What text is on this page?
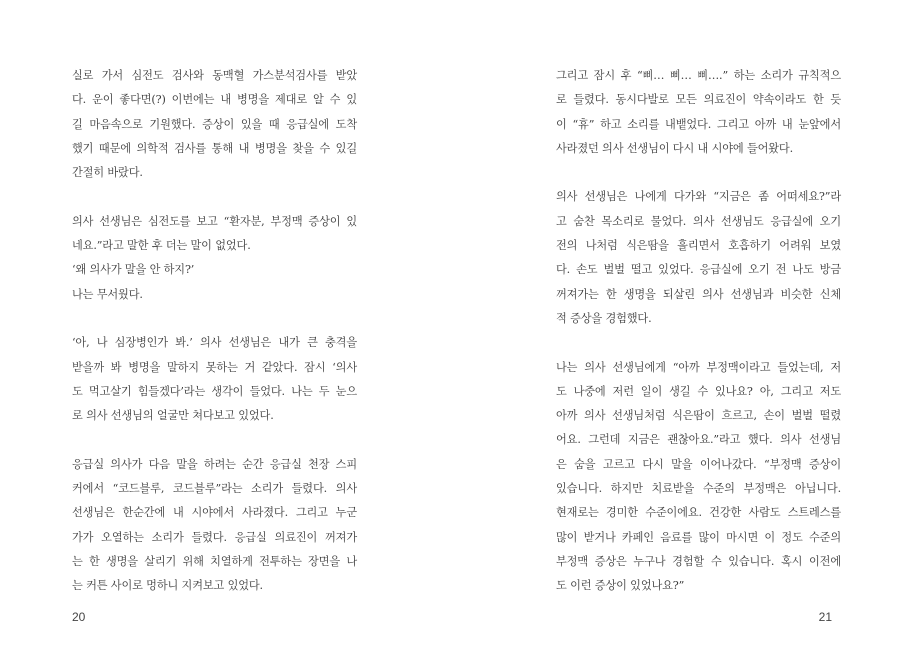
실로 가서 심전도 검사와 동맥혈 가스분석검사를 받았
다. 운이 좋다면(?) 이번에는 내 병명을 제대로 알 수 있
길 마음속으로 기원했다. 증상이 있을 때 응급실에 도착
했기 때문에 의학적 검사를 통해 내 병명을 찾을 수 있길
간절히 바랐다.
의사 선생님은 심전도를 보고 “환자분, 부정맥 증상이 있
네요.”라고 말한 후 더는 말이 없었다.
‘왜 의사가 말을 안 하지?’
나는 무서웠다.
‘아, 나 심장병인가 봐.’ 의사 선생님은 내가 큰 충격을
받을까 봐 병명을 말하지 못하는 거 같았다. 잠시 ‘의사
도 먹고살기 힘들겠다’라는 생각이 들었다. 나는 두 눈으
로 의사 선생님의 얼굴만 쳐다보고 있었다.
응급실 의사가 다음 말을 하려는 순간 응급실 천장 스피
커에서 “코드블루, 코드블루”라는 소리가 들렸다. 의사
선생님은 한순간에 내 시야에서 사라졌다. 그리고 누군
가가 오열하는 소리가 들렸다. 응급실 의료진이 꺼져가
는 한 생명을 살리기 위해 치열하게 전투하는 장면을 나
는 커튼 사이로 멍하니 지켜보고 있었다.
20
그리고 잠시 후 “삐… 삐… 삐….” 하는 소리가 규칙적으
로 들렸다. 동시다발로 모든 의료진이 약속이라도 한 듯
이 “휴” 하고 소리를 내뱉었다. 그리고 아까 내 눈앞에서
사라졌던 의사 선생님이 다시 내 시야에 들어왔다.
의사 선생님은 나에게 다가와 “지금은 좀 어떠세요?”라
고 숨찬 목소리로 물었다. 의사 선생님도 응급실에 오기
전의 나처럼 식은땀을 흘리면서 호흡하기 어려워 보였
다. 손도 벌벌 떨고 있었다. 응급실에 오기 전 나도 방금
꺼져가는 한 생명을 되살린 의사 선생님과 비슷한 신체
적 증상을 경험했다.
나는 의사 선생님에게 “아까 부정맥이라고 들었는데, 저
도 나중에 저런 일이 생길 수 있나요? 아, 그리고 저도
아까 의사 선생님처럼 식은땀이 흐르고, 손이 벌벌 떨렸
어요. 그런데 지금은 괜찮아요.”라고 했다. 의사 선생님
은 숨을 고르고 다시 말을 이어나갔다. “부정맥 증상이
있습니다. 하지만 치료받을 수준의 부정맥은 아닙니다.
현재로는 경미한 수준이에요. 건강한 사람도 스트레스를
많이 받거나 카페인 음료를 많이 마시면 이 정도 수준의
부정맥 증상은 누구나 경험할 수 있습니다. 혹시 이전에
도 이런 증상이 있었나요?”
21
